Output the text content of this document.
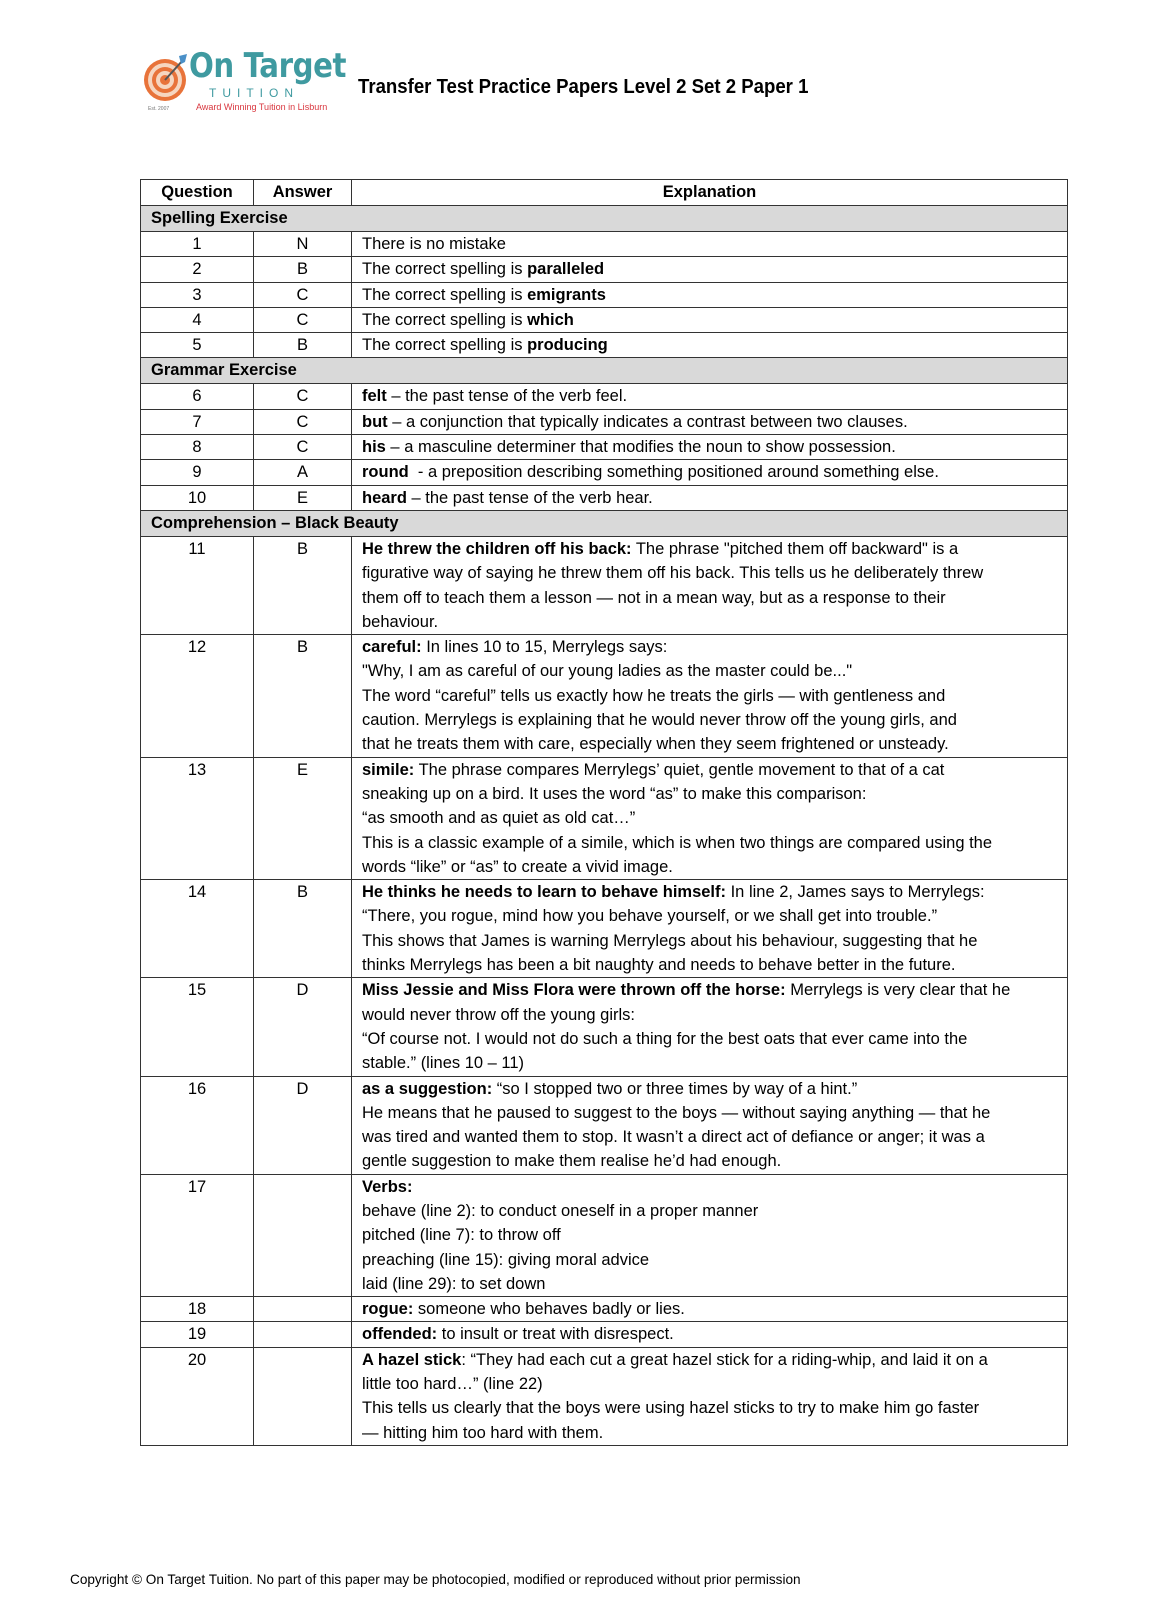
Est. 2007
On Target
TUITION
Award Winning Tuition in Lisburn
Transfer Test Practice Papers Level 2 Set 2 Paper 1
Question	Answer	Explanation
Spelling Exercise		
1	N	There is no mistake
2	B	The correct spelling is paralleled
3	C	The correct spelling is emigrants
4	C	The correct spelling is which
5	B	The correct spelling is producing
Grammar Exercise		
6	C	felt – the past tense of the verb feel.
7	C	but – a conjunction that typically indicates a contrast between two clauses.
8	C	his – a masculine determiner that modifies the noun to show possession.
9	A	round  - a preposition describing something positioned around something else.
10	E	heard – the past tense of the verb hear.
Comprehension – Black Beauty		
11	B	He threw the children off his back: The phrase "pitched them off backward" is a
figurative way of saying he threw them off his back. This tells us he deliberately threw
them off to teach them a lesson — not in a mean way, but as a response to their
behaviour.

12	B	careful: In lines 10 to 15, Merrylegs says:
"Why, I am as careful of our young ladies as the master could be..."
The word “careful” tells us exactly how he treats the girls — with gentleness and
caution. Merrylegs is explaining that he would never throw off the young girls, and
that he treats them with care, especially when they seem frightened or unsteady.

13	E	simile: The phrase compares Merrylegs’ quiet, gentle movement to that of a cat
sneaking up on a bird. It uses the word “as” to make this comparison:
“as smooth and as quiet as old cat…”
This is a classic example of a simile, which is when two things are compared using the
words “like” or “as” to create a vivid image.

14	B	He thinks he needs to learn to behave himself: In line 2, James says to Merrylegs:
“There, you rogue, mind how you behave yourself, or we shall get into trouble.”
This shows that James is warning Merrylegs about his behaviour, suggesting that he
thinks Merrylegs has been a bit naughty and needs to behave better in the future.

15	D	Miss Jessie and Miss Flora were thrown off the horse: Merrylegs is very clear that he
would never throw off the young girls:
“Of course not. I would not do such a thing for the best oats that ever came into the
stable.” (lines 10 – 11)

16	D	as a suggestion: “so I stopped two or three times by way of a hint.”
He means that he paused to suggest to the boys — without saying anything — that he
was tired and wanted them to stop. It wasn’t a direct act of defiance or anger; it was a
gentle suggestion to make them realise he’d had enough.

17		Verbs:
behave (line 2): to conduct oneself in a proper manner
pitched (line 7): to throw off
preaching (line 15): giving moral advice
laid (line 29): to set down

18		rogue: someone who behaves badly or lies.

19		offended: to insult or treat with disrespect.

20		A hazel stick: “They had each cut a great hazel stick for a riding-whip, and laid it on a
little too hard…” (line 22)
This tells us clearly that the boys were using hazel sticks to try to make him go faster
— hitting him too hard with them.
Copyright © On Target Tuition. No part of this paper may be photocopied, modified or reproduced without prior permission
